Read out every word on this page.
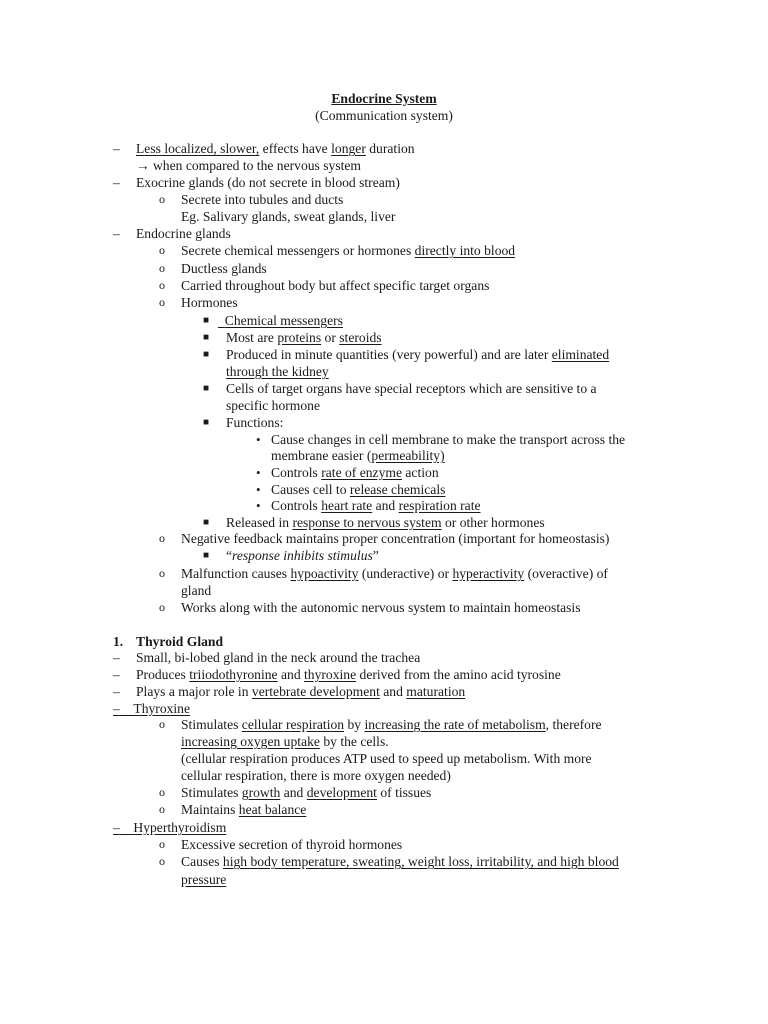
Endocrine System
(Communication system)
– Less localized, slower, effects have longer duration
→ when compared to the nervous system
– Exocrine glands (do not secrete in blood stream)
o Secrete into tubules and ducts
Eg. Salivary glands, sweat glands, liver
– Endocrine glands
o Secrete chemical messengers or hormones directly into blood
o Ductless glands
o Carried throughout body but affect specific target organs
o Hormones
■	Chemical messengers
■ Most are proteins or steroids
■ Produced in minute quantities (very powerful) and are later eliminated
through the kidney
■ Cells of target organs have special receptors which are sensitive to a
specific hormone
■ Functions:
• Cause changes in cell membrane to make the transport across the
membrane easier (permeability)
• Controls rate of enzyme action
• Causes cell to release chemicals
• Controls heart rate and respiration rate
■ Released in response to nervous system or other hormones
o Negative feedback maintains proper concentration (important for homeostasis)
■ “response inhibits stimulus”
o Malfunction causes hypoactivity (underactive) or hyperactivity (overactive) of
gland
o Works along with the autonomic nervous system to maintain homeostasis
1. Thyroid Gland
– Small, bi-lobed gland in the neck around the trachea
– Produces triiodothyronine and thyroxine derived from the amino acid tyrosine
– Plays a major role in vertebrate development and maturation
– Thyroxine
o Stimulates cellular respiration by increasing the rate of metabolism, therefore
increasing oxygen uptake by the cells.
(cellular respiration produces ATP used to speed up metabolism. With more
cellular respiration, there is more oxygen needed)
o Stimulates growth and development of tissues
o Maintains heat balance
– Hyperthyroidism
o Excessive secretion of thyroid hormones
o Causes high body temperature, sweating, weight loss, irritability, and high blood
pressure
